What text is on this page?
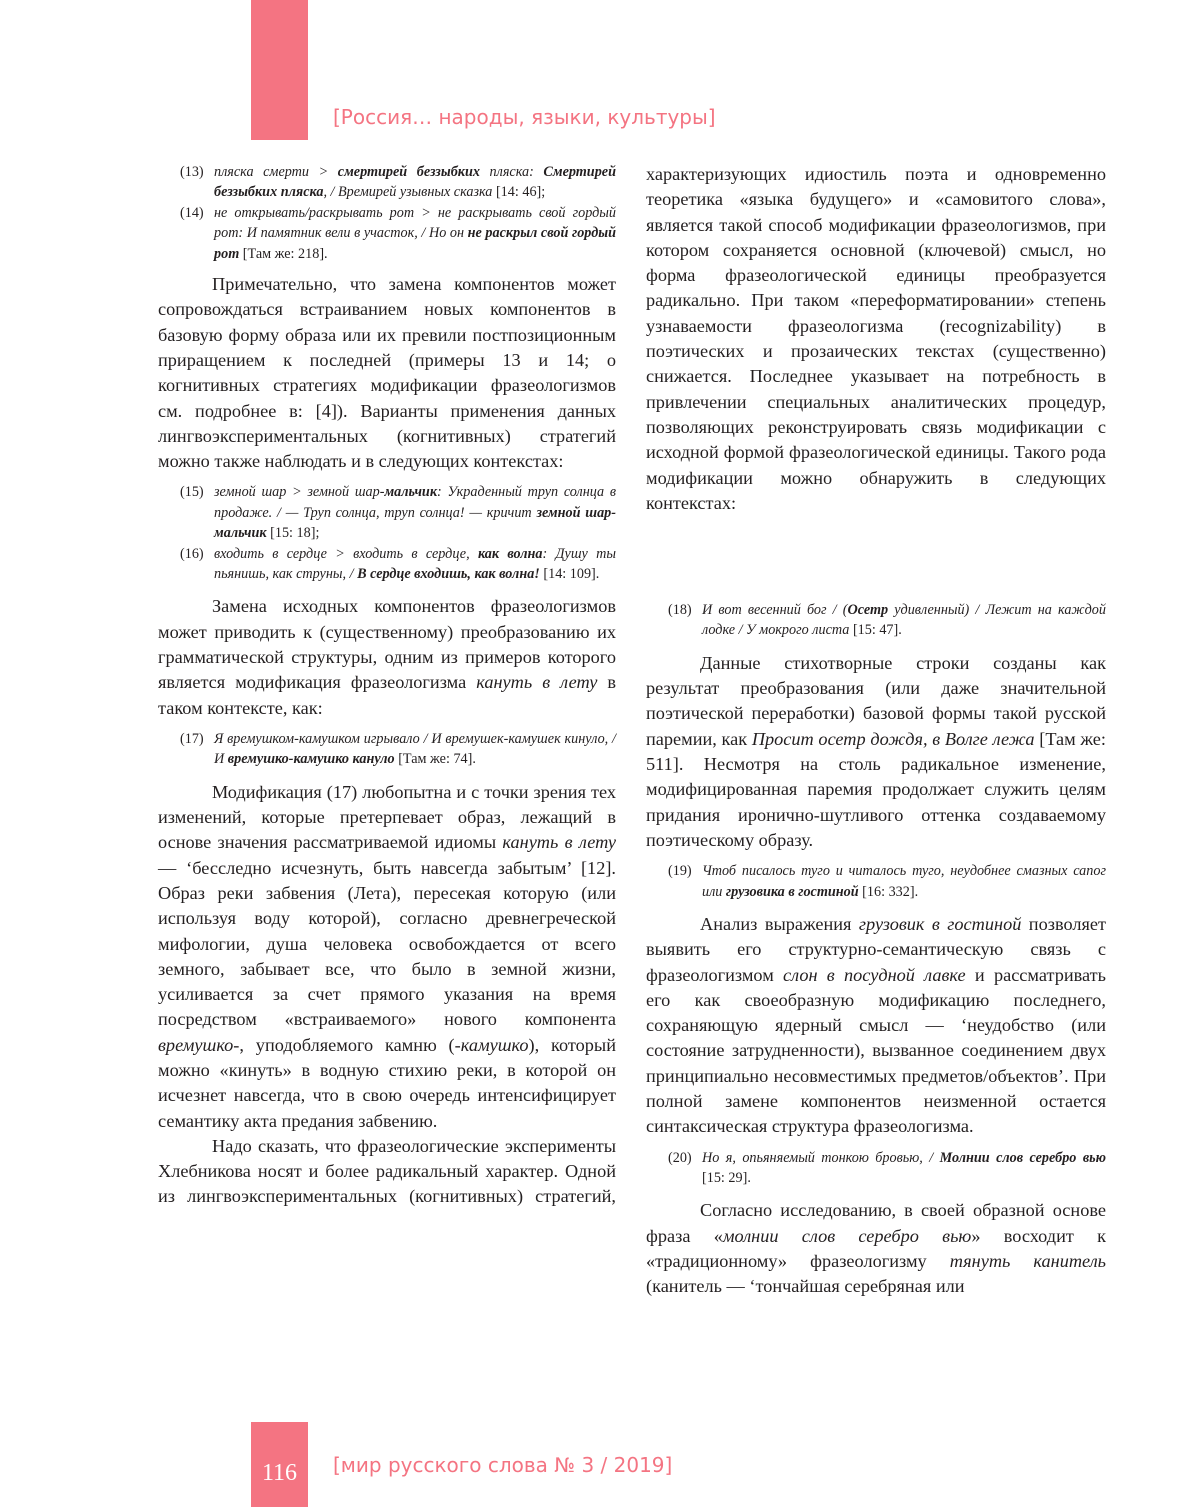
[Россия… народы, языки, культуры]
(13) пляска смерти > смертирей беззыбких пляска: Смертирей беззыбких пляска, / Времирей узывных сказка [14: 46];
(14) не открывать/раскрывать рот > не раскрывать свой гордый рот: И памятник вели в участок, / Но он не раскрыл свой гордый рот [Там же: 218].

Примечательно, что замена компонентов может сопровождаться встраиванием новых компонентов в базовую форму образа или их превили постпозиционным приращением к последней (примеры 13 и 14; о когнитивных стратегиях модификации фразеологизмов см. подробнее в: [4]). Варианты применения данных лингвоэкспериментальных (когнитивных) стратегий можно также наблюдать и в следующих контекстах:

(15) земной шар > земной шар-мальчик: Украденный труп солнца в продаже. / — Труп солнца, труп солнца! — кричит земной шар-мальчик [15: 18];
(16) входить в сердце > входить в сердце, как волна: Душу ты пьянишь, как струны, / В сердце входишь, как волна! [14: 109].

Замена исходных компонентов фразеологизмов может приводить к (существенному) преобразованию их грамматической структуры, одним из примеров которого является модификация фразеологизма кануть в лету в таком контексте, как:

(17) Я времушком-камушком игрывало / И времушек-камушек кинуло, / И времушко-камушко кануло [Там же: 74].

Модификация (17) любопытна и с точки зрения тех изменений, которые претерпевает образ, лежащий в основе значения рассматриваемой идиомы кануть в лету — ‘бесследно исчезнуть, быть навсегда забытым’ [12]. Образ реки забвения (Лета), пересекая которую (или используя воду которой), согласно древнегреческой мифологии, душа человека освобождается от всего земного, забывает все, что было в земной жизни, усиливается за счет прямого указания на время посредством «встраиваемого» нового компонента времушко-, уподобляемого камню (-камушко), который можно «кинуть» в водную стихию реки, в которой он исчезнет навсегда, что в свою очередь интенсифицирует семантику акта предания забвению.

Надо сказать, что фразеологические эксперименты Хлебникова носят и более радикальный характер. Одной из лингвоэкспериментальных (когнитивных) стратегий,

характеризующих идиостиль поэта и одновременно теоретика «языка будущего» и «самовитого слова», является такой способ модификации фразеологизмов, при котором сохраняется основной (ключевой) смысл, но форма фразеологической единицы преобразуется радикально. При таком «переформатировании» степень узнаваемости фразеологизма (recognizability) в поэтических и прозаических текстах (существенно) снижается. Последнее указывает на потребность в привлечении специальных аналитических процедур, позволяющих реконструировать связь модификации с исходной формой фразеологической единицы. Такого рода модификации можно обнаружить в следующих контекстах:

(18) И вот весенний бог / (Осетр удивленный) / Лежит на каждой лодке / У мокрого листа [15: 47].

Данные стихотворные строки созданы как результат преобразования (или даже значительной поэтической переработки) базовой формы такой русской паремии, как Просит осетр дождя, в Волге лежа [Там же: 511]. Несмотря на столь радикальное изменение, модифицированная паремия продолжает служить целям придания иронично-шутливого оттенка создаваемому поэтическому образу.

(19) Чтоб писалось туго и читалось туго, неудобнее смазных сапог или грузовика в гостиной [16: 332].

Анализ выражения грузовик в гостиной позволяет выявить его структурно-семантическую связь с фразеологизмом слон в посудной лавке и рассматривать его как своеобразную модификацию последнего, сохраняющую ядерный смысл — ‘неудобство (или состояние затрудненности), вызванное соединением двух принципиально несовместимых предметов/объектов’. При полной замене компонентов неизменной остается синтаксическая структура фразеологизма.

(20) Но я, опьяняемый тонкою бровью, / Молнии слов серебро вью [15: 29].

Согласно исследованию, в своей образной основе фраза «молнии слов серебро вью» восходит к «традиционному» фразеологизму тянуть канитель (канитель — ‘тончайшая серебряная или

116	[мир русского слова № 3 / 2019]
